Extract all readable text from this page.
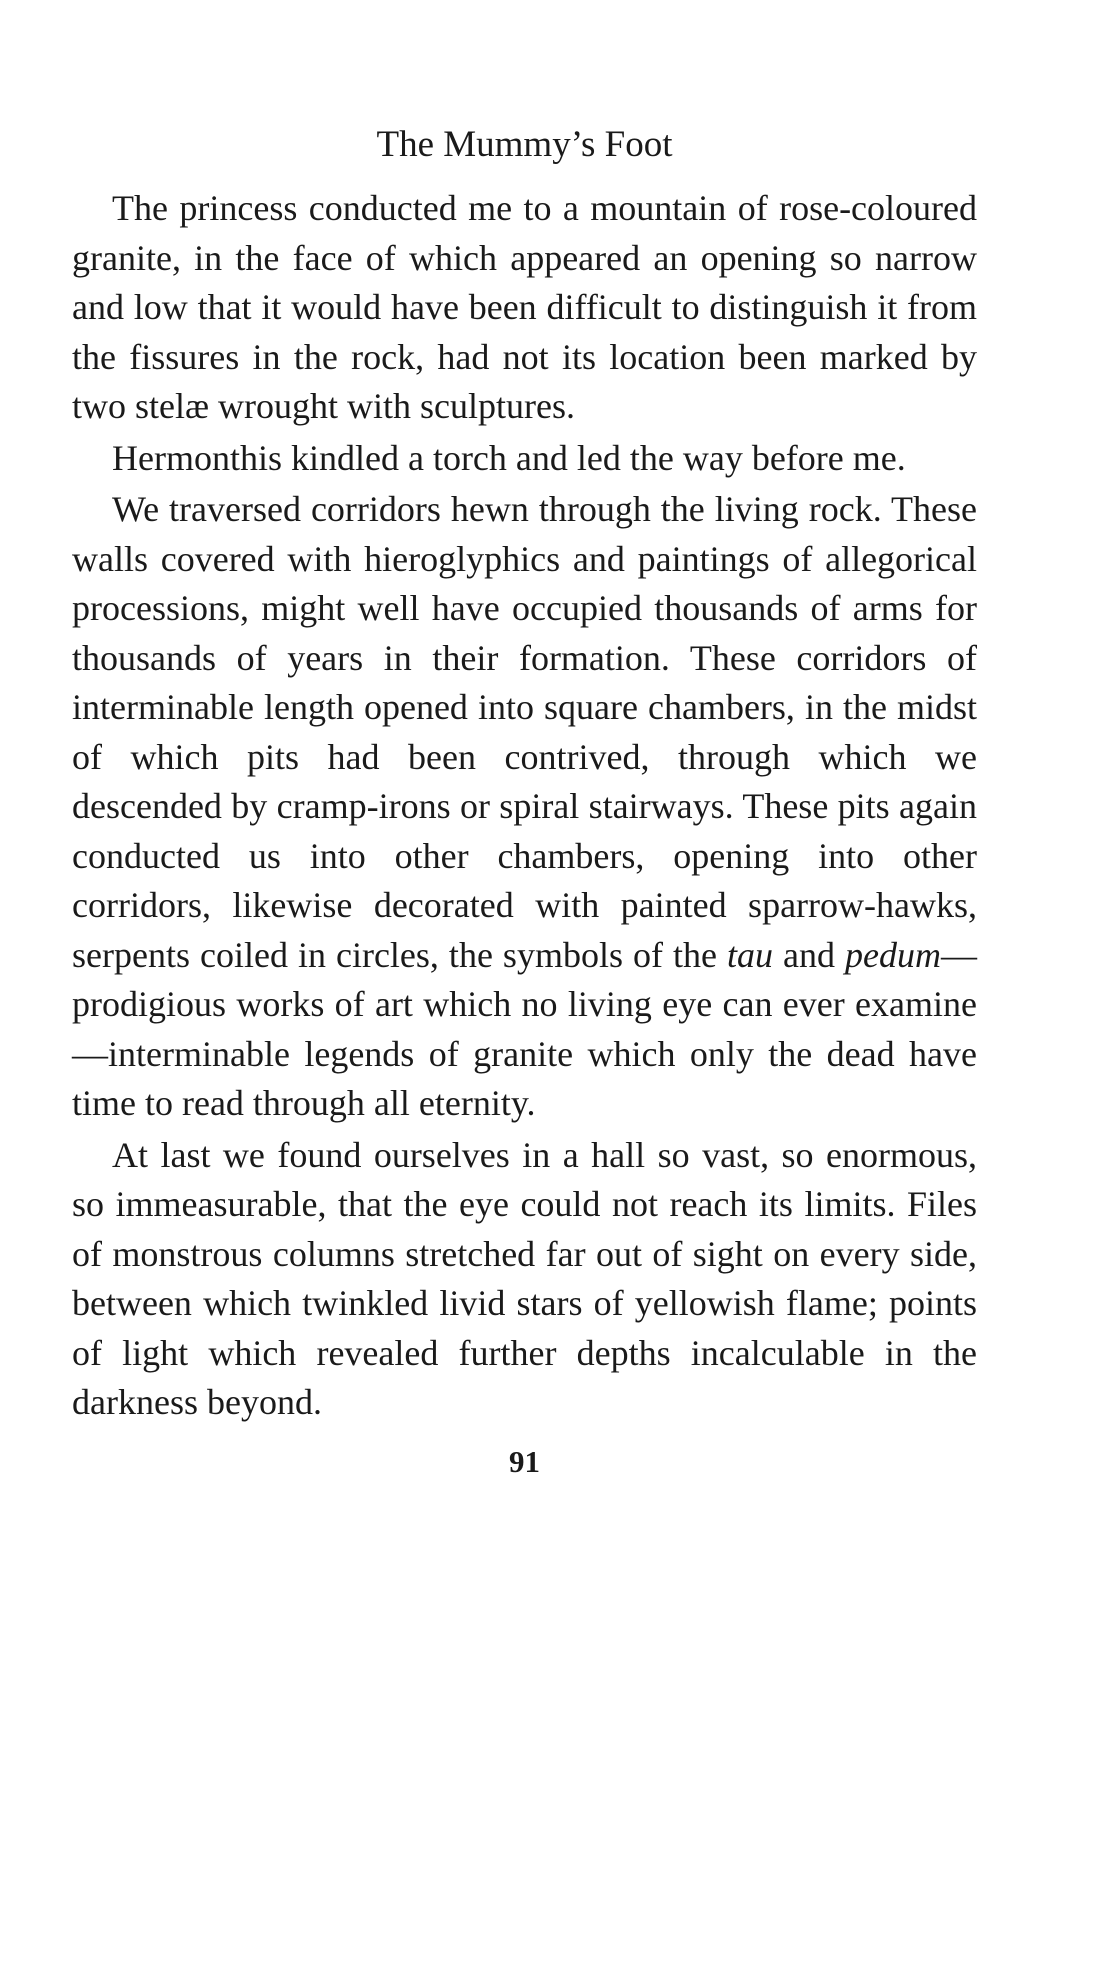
The Mummy’s Foot

The princess conducted me to a mountain of rose-coloured granite, in the face of which appeared an opening so narrow and low that it would have been difficult to distinguish it from the fissures in the rock, had not its location been marked by two stelæ wrought with sculptures.

Hermonthis kindled a torch and led the way before me.

We traversed corridors hewn through the living rock. These walls covered with hieroglyphics and paintings of allegorical processions, might well have occupied thousands of arms for thousands of years in their formation. These corridors of interminable length opened into square chambers, in the midst of which pits had been contrived, through which we descended by cramp-irons or spiral stairways. These pits again conducted us into other chambers, opening into other corridors, likewise decorated with painted sparrow-hawks, serpents coiled in circles, the symbols of the tau and pedum—prodigious works of art which no living eye can ever examine—interminable legends of granite which only the dead have time to read through all eternity.

At last we found ourselves in a hall so vast, so enormous, so immeasurable, that the eye could not reach its limits. Files of monstrous columns stretched far out of sight on every side, between which twinkled livid stars of yellowish flame; points of light which revealed further depths incalculable in the darkness beyond.

91
